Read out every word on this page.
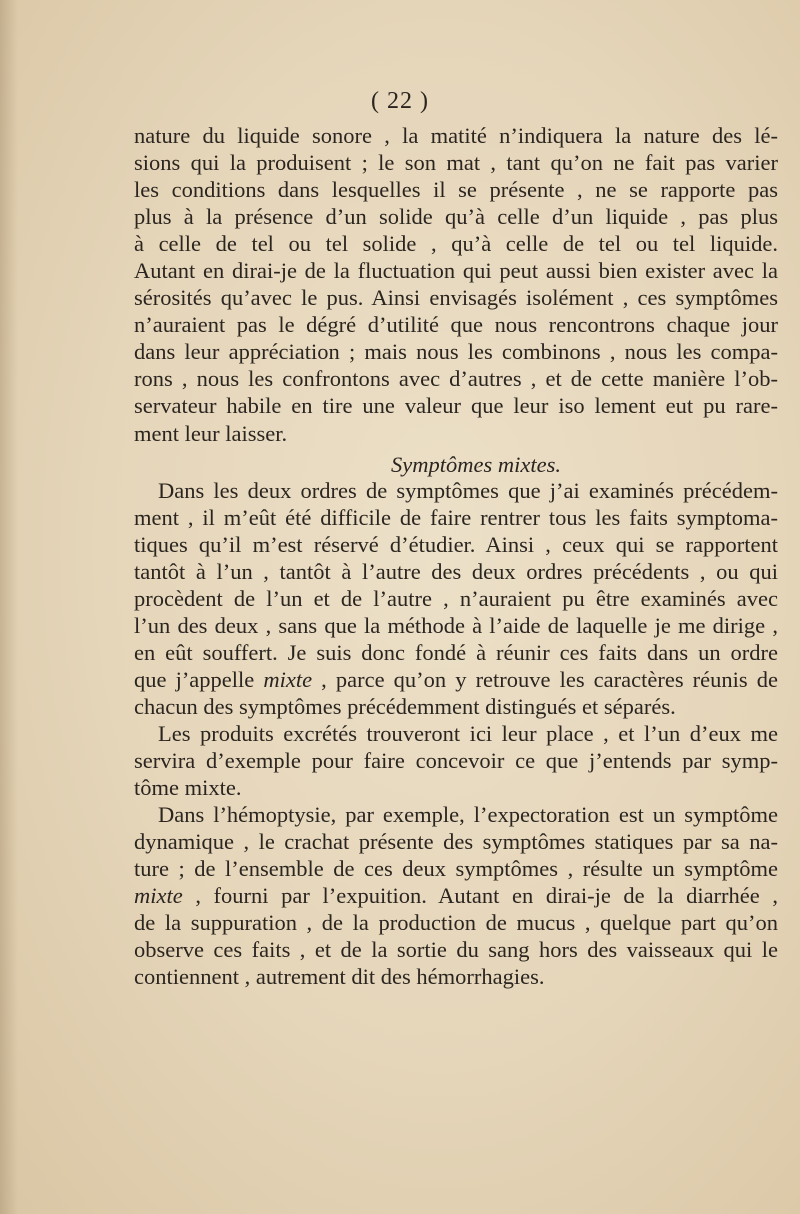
( 22 )
nature du liquide sonore , la matité n’indiquera la nature des lé-
sions qui la produisent ; le son mat , tant qu’on ne fait pas varier
les conditions dans lesquelles il se présente , ne se rapporte pas
plus à la présence d’un solide qu’à celle d’un liquide , pas plus
à celle de tel ou tel solide , qu’à celle de tel ou tel liquide.
Autant en dirai-je de la fluctuation qui peut aussi bien exister avec la
sérosités qu’avec le pus. Ainsi envisagés isolément , ces symptômes
n’auraient pas le dégré d’utilité que nous rencontrons chaque jour
dans leur appréciation ; mais nous les combinons , nous les compa-
rons , nous les confrontons avec d’autres , et de cette manière l’ob-
servateur habile en tire une valeur que leur iso lement eut pu rare-
ment leur laisser.
Symptômes mixtes.
Dans les deux ordres de symptômes que j’ai examinés précédem-
ment , il m’eût été difficile de faire rentrer tous les faits symptoma-
tiques qu’il m’est réservé d’étudier. Ainsi , ceux qui se rapportent
tantôt à l’un , tantôt à l’autre des deux ordres précédents , ou qui
procèdent de l’un et de l’autre , n’auraient pu être examinés avec
l’un des deux , sans que la méthode à l’aide de laquelle je me dirige ,
en eût souffert. Je suis donc fondé à réunir ces faits dans un ordre
que j’appelle mixte , parce qu’on y retrouve les caractères réunis de
chacun des symptômes précédemment distingués et séparés.
Les produits excrétés trouveront ici leur place , et l’un d’eux me
servira d’exemple pour faire concevoir ce que j’entends par symp-
tôme mixte.
Dans l’hémoptysie, par exemple, l’expectoration est un symptôme
dynamique , le crachat présente des symptômes statiques par sa na-
ture ; de l’ensemble de ces deux symptômes , résulte un symptôme
mixte , fourni par l’expuition. Autant en dirai-je de la diarrhée ,
de la suppuration , de la production de mucus , quelque part qu’on
observe ces faits , et de la sortie du sang hors des vaisseaux qui le
contiennent , autrement dit des hémorrhagies.
